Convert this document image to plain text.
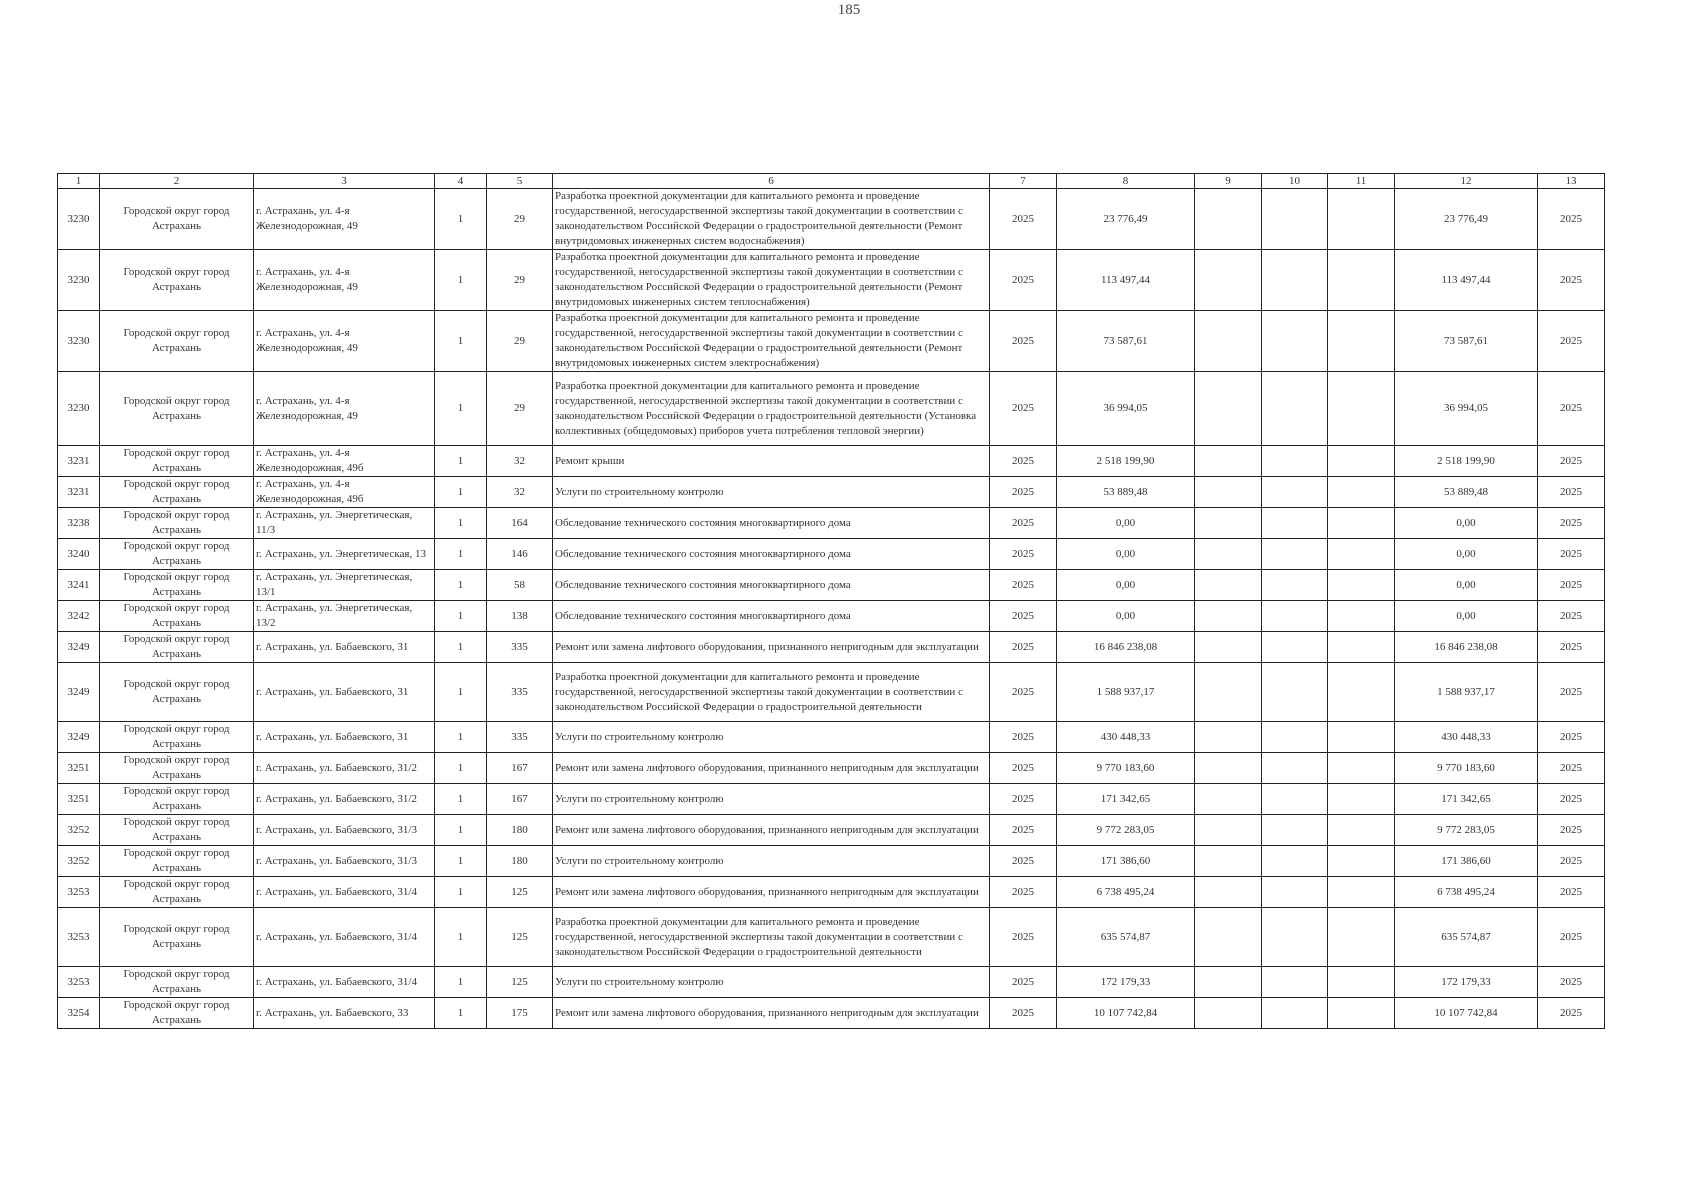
185
1	2	3	4	5	6	7	8	9	10	11	12	13
3230	Городской округ город Астрахань	г. Астрахань, ул. 4-я Железнодорожная, 49	1	29	Разработка проектной документации для капитального ремонта и проведение государственной, негосударственной экспертизы такой документации в соответствии с законодательством Российской Федерации о градостроительной деятельности (Ремонт внутридомовых инженерных систем водоснабжения)	2025	23 776,49				23 776,49	2025
3230	Городской округ город Астрахань	г. Астрахань, ул. 4-я Железнодорожная, 49	1	29	Разработка проектной документации для капитального ремонта и проведение государственной, негосударственной экспертизы такой документации в соответствии с законодательством Российской Федерации о градостроительной деятельности (Ремонт внутридомовых инженерных систем теплоснабжения)	2025	113 497,44				113 497,44	2025
3230	Городской округ город Астрахань	г. Астрахань, ул. 4-я Железнодорожная, 49	1	29	Разработка проектной документации для капитального ремонта и проведение государственной, негосударственной экспертизы такой документации в соответствии с законодательством Российской Федерации о градостроительной деятельности (Ремонт внутридомовых инженерных систем электроснабжения)	2025	73 587,61				73 587,61	2025
3230	Городской округ город Астрахань	г. Астрахань, ул. 4-я Железнодорожная, 49	1	29	Разработка проектной документации для капитального ремонта и проведение государственной, негосударственной экспертизы такой документации в соответствии с законодательством Российской Федерации о градостроительной деятельности (Установка коллективных (общедомовых) приборов учета потребления тепловой энергии)	2025	36 994,05				36 994,05	2025
3231	Городской округ город Астрахань	г. Астрахань, ул. 4-я Железнодорожная, 49б	1	32	Ремонт крыши	2025	2 518 199,90				2 518 199,90	2025
3231	Городской округ город Астрахань	г. Астрахань, ул. 4-я Железнодорожная, 49б	1	32	Услуги по строительному контролю	2025	53 889,48				53 889,48	2025
3238	Городской округ город Астрахань	г. Астрахань, ул. Энергетическая, 11/3	1	164	Обследование технического состояния многоквартирного дома	2025	0,00				0,00	2025
3240	Городской округ город Астрахань	г. Астрахань, ул. Энергетическая, 13	1	146	Обследование технического состояния многоквартирного дома	2025	0,00				0,00	2025
3241	Городской округ город Астрахань	г. Астрахань, ул. Энергетическая, 13/1	1	58	Обследование технического состояния многоквартирного дома	2025	0,00				0,00	2025
3242	Городской округ город Астрахань	г. Астрахань, ул. Энергетическая, 13/2	1	138	Обследование технического состояния многоквартирного дома	2025	0,00				0,00	2025
3249	Городской округ город Астрахань	г. Астрахань, ул. Бабаевского, 31	1	335	Ремонт или замена лифтового оборудования, признанного непригодным для эксплуатации	2025	16 846 238,08				16 846 238,08	2025
3249	Городской округ город Астрахань	г. Астрахань, ул. Бабаевского, 31	1	335	Разработка проектной документации для капитального ремонта и проведение государственной, негосударственной экспертизы такой документации в соответствии с законодательством Российской Федерации о градостроительной деятельности	2025	1 588 937,17				1 588 937,17	2025
3249	Городской округ город Астрахань	г. Астрахань, ул. Бабаевского, 31	1	335	Услуги по строительному контролю	2025	430 448,33				430 448,33	2025
3251	Городской округ город Астрахань	г. Астрахань, ул. Бабаевского, 31/2	1	167	Ремонт или замена лифтового оборудования, признанного непригодным для эксплуатации	2025	9 770 183,60				9 770 183,60	2025
3251	Городской округ город Астрахань	г. Астрахань, ул. Бабаевского, 31/2	1	167	Услуги по строительному контролю	2025	171 342,65				171 342,65	2025
3252	Городской округ город Астрахань	г. Астрахань, ул. Бабаевского, 31/3	1	180	Ремонт или замена лифтового оборудования, признанного непригодным для эксплуатации	2025	9 772 283,05				9 772 283,05	2025
3252	Городской округ город Астрахань	г. Астрахань, ул. Бабаевского, 31/3	1	180	Услуги по строительному контролю	2025	171 386,60				171 386,60	2025
3253	Городской округ город Астрахань	г. Астрахань, ул. Бабаевского, 31/4	1	125	Ремонт или замена лифтового оборудования, признанного непригодным для эксплуатации	2025	6 738 495,24				6 738 495,24	2025
3253	Городской округ город Астрахань	г. Астрахань, ул. Бабаевского, 31/4	1	125	Разработка проектной документации для капитального ремонта и проведение государственной, негосударственной экспертизы такой документации в соответствии с законодательством Российской Федерации о градостроительной деятельности	2025	635 574,87				635 574,87	2025
3253	Городской округ город Астрахань	г. Астрахань, ул. Бабаевского, 31/4	1	125	Услуги по строительному контролю	2025	172 179,33				172 179,33	2025
3254	Городской округ город Астрахань	г. Астрахань, ул. Бабаевского, 33	1	175	Ремонт или замена лифтового оборудования, признанного непригодным для эксплуатации	2025	10 107 742,84				10 107 742,84	2025
